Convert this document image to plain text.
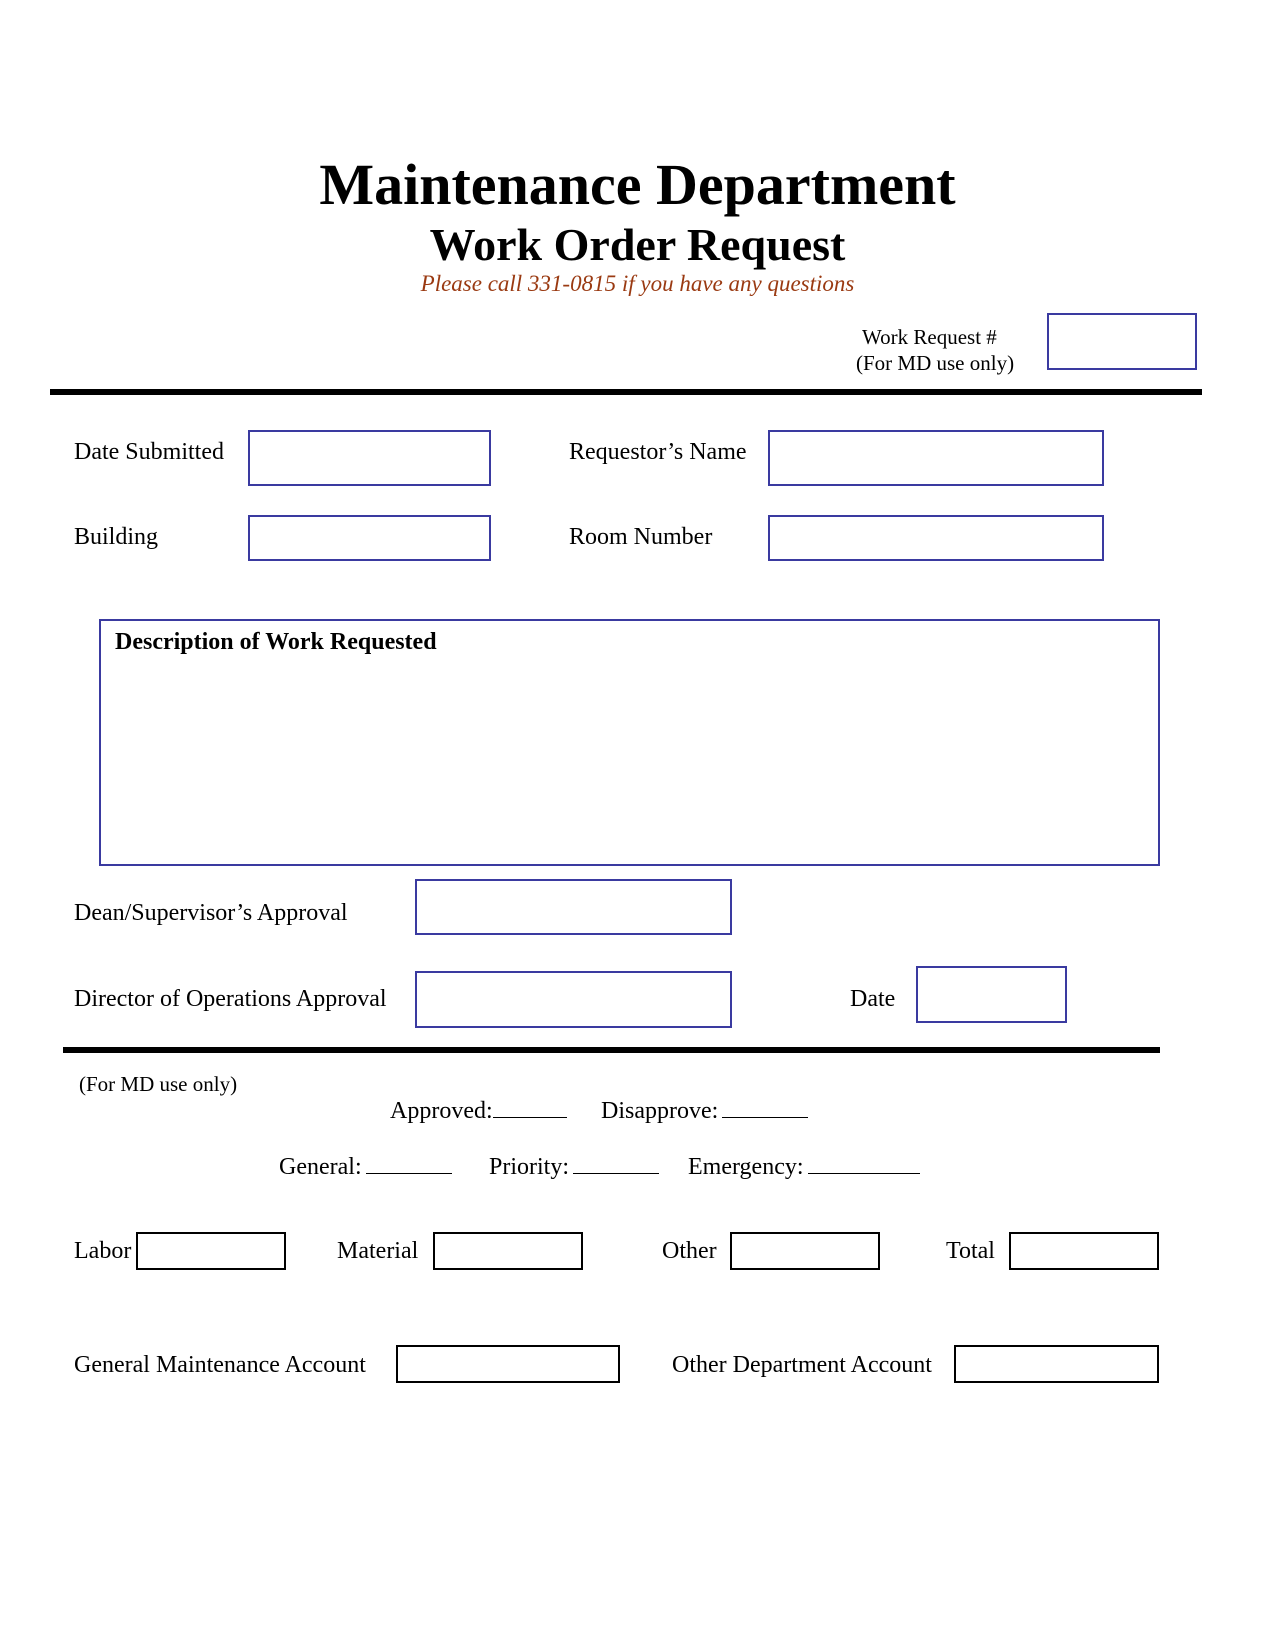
Maintenance Department
Work Order Request
Please call 331-0815 if you have any questions
Work Request #
(For MD use only)
Date Submitted	Requestor’s Name
Building	Room Number
Description of Work Requested
Dean/Supervisor’s Approval
Director of Operations Approval	Date
(For MD use only)
Approved:	Disapprove:
General:	Priority:	Emergency:
Labor	Material	Other	Total
General Maintenance Account	Other Department Account
